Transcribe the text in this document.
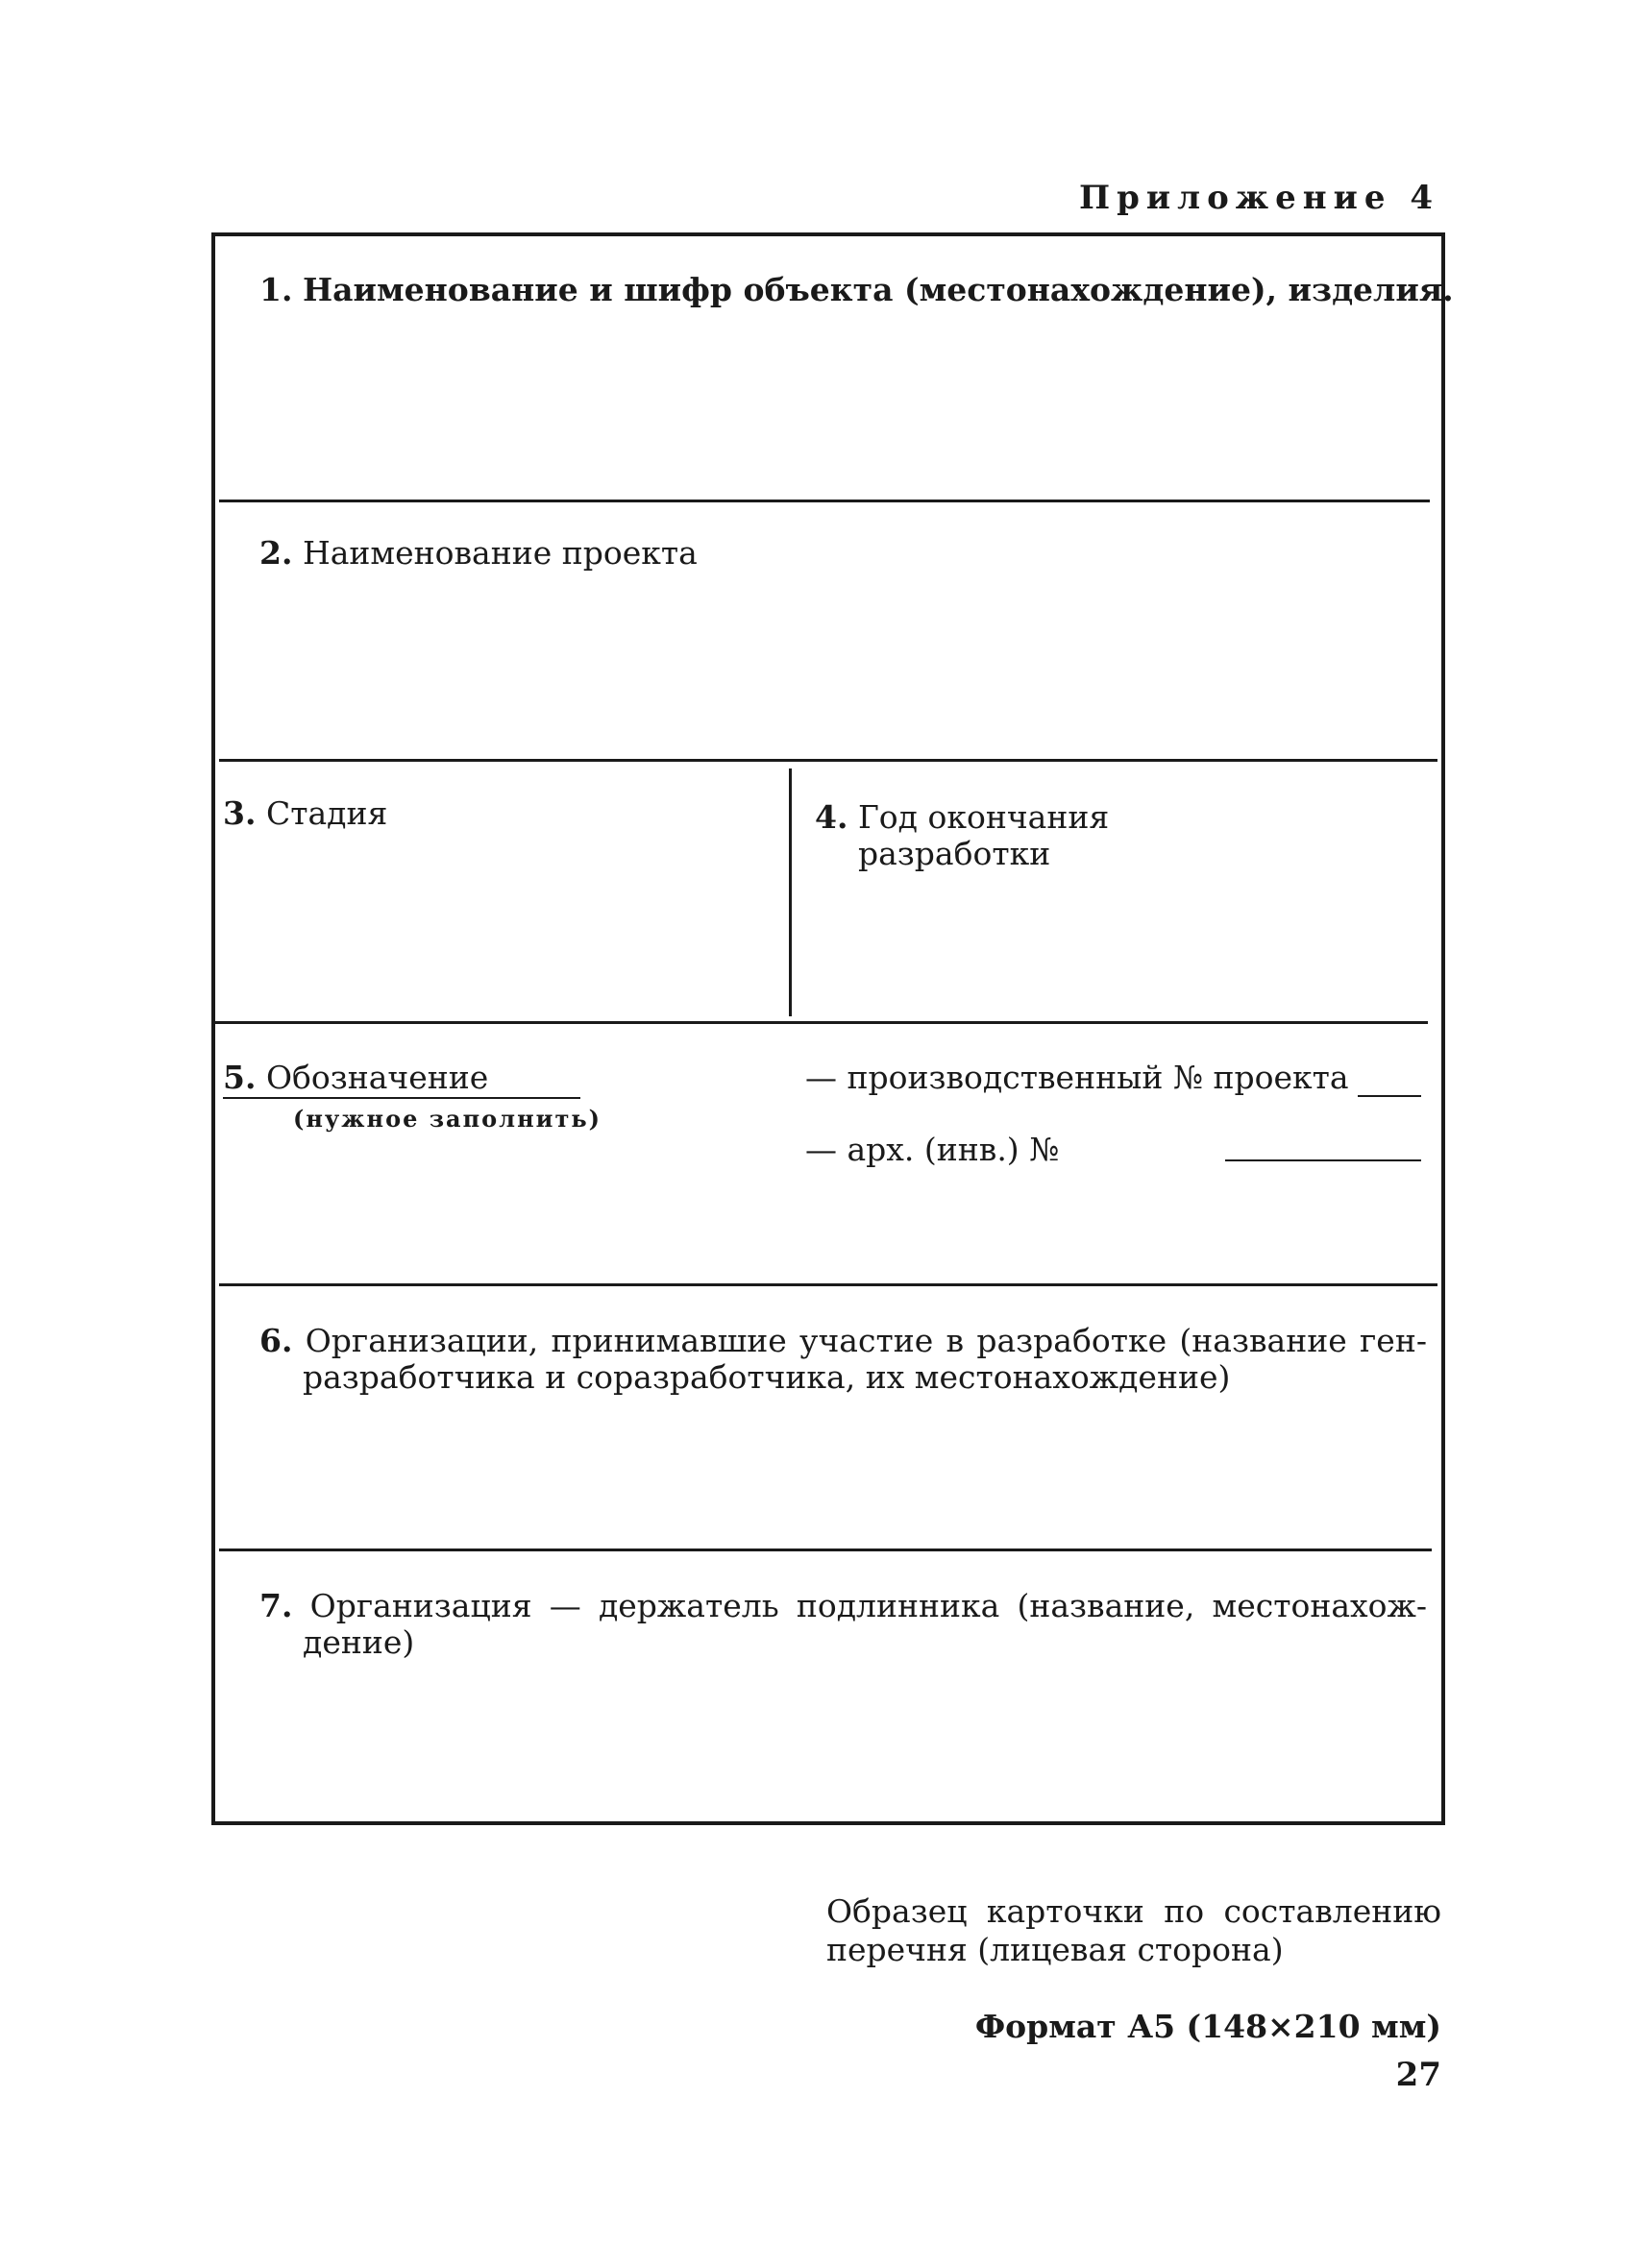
Приложение 4
1. Наименование и шифр объекта (местонахождение), изделия.
2. Наименование проекта
3. Стадия	4. Год окончания
разработки
5. Обозначение
(нужное заполнить)
— производственный № проекта
— арх. (инв.) №
6. Организации, принимавшие участие в разработке (название ген-
разработчика и соразработчика, их местонахождение)
7. Организация — держатель подлинника (название, местонахож-
дение)
Образец карточки по составлению
перечня (лицевая сторона)
Формат А5 (148×210 мм)
27
